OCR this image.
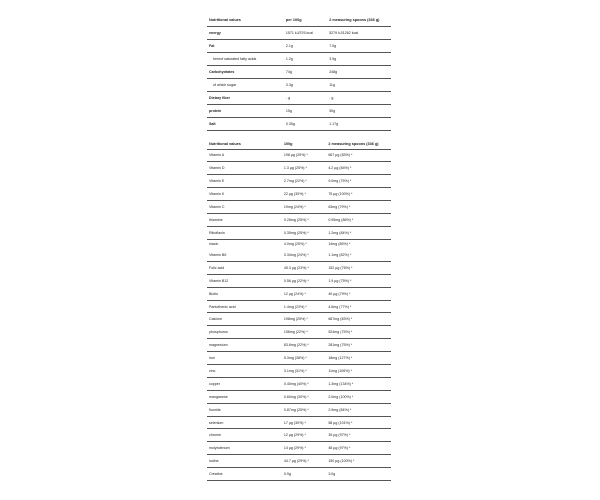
Nutritional values	per 100g	2 measuring spoons (336 g)
energy	1571 kJ/376 kcal	5279 kJ/1262 kcal
Fat	2.1g	7.0g
hereof saturated fatty acids	1.2g	3.9g
Carbohydrates	74g	248g
of which sugar	3.3g	11g
Dietary fiber	- g	- g
protein	15g	50g
Salt	0.35g	1.17g
Nutritional values	100g	2 measuring spoons (336 g)
Vitamin A	198 µg (25%) *	667 µg (83%) *
Vitamin D	1.3 µg (25%) *	4.2 µg (84%) *
Vitamin E	2.7mg (22%) *	9.0mg (75%) *
Vitamin K	22 µg (30%) *	75 µg (100%) *
Vitamin C	19mg (24%) *	63mg (79%) *
thiamine	0.28mg (25%) *	0.95mg (86%) *
Riboflavin	0.35mg (25%) *	1.2mg (84%) *
niacin	4.0mg (25%) *	14mg (85%) *
Vitamin B6	0.34mg (24%) *	1.1mg (82%) *
Folic acid	45.3 µg (23%) *	152 µg (76%) *
Vitamin B12	0.56 µg (22%) *	1.9 µg (75%) *
Biotin	12 µg (24%) *	40 µg (79%) *
Pantothenic acid	1.4mg (23%) *	4.6mg (77%) *
Calcium	198mg (25%) *	667mg (83%) *
phosphorus	156mg (22%) *	524mg (75%) *
magnesium	83.6mg (22%) *	281mg (75%) *
iron	5.3mg (38%) *	18mg (127%) *
zinc	3.1mg (31%) *	11mg (106%) *
copper	0.40mg (40%) *	1.3mg (134%) *
manganese	0.60mg (30%) *	2.0mg (100%) *
fluoride	0.87mg (25%) *	2.9mg (84%) *
selenium	17 µg (30%) *	58 µg (101%) *
chrome	12 µg (29%) *	39 µg (97%) *
molybdenum	14 µg (29%) *	48 µg (97%) *
iodine	44.7 µg (29%) *	150 µg (100%) *
Creatine	0.9g	3.0g
